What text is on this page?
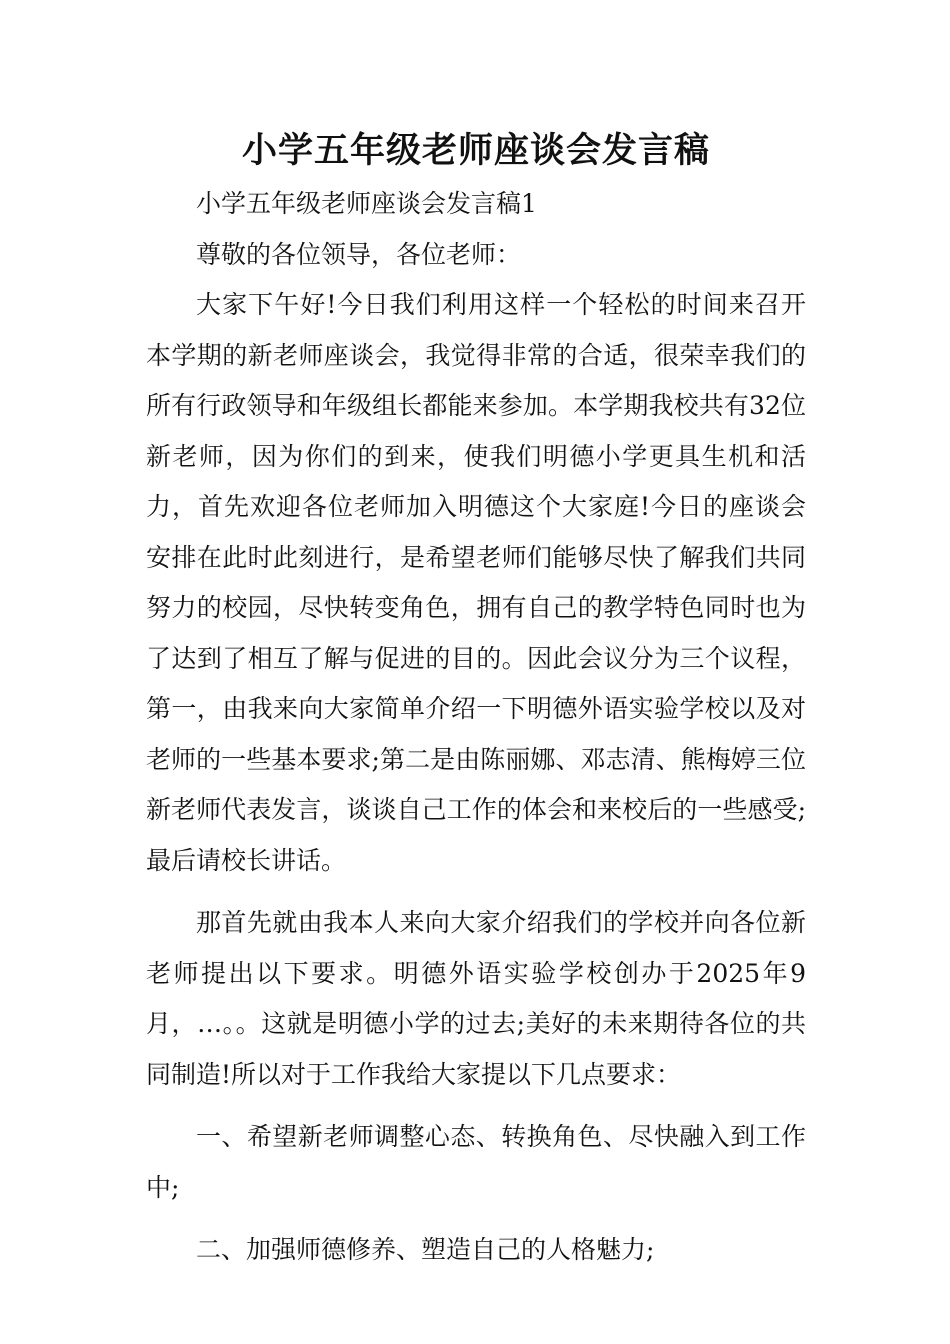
小学五年级老师座谈会发言稿

小学五年级老师座谈会发言稿1

尊敬的各位领导，各位老师：

大家下午好!今日我们利用这样一个轻松的时间来召开本学期的新老师座谈会，我觉得非常的合适，很荣幸我们的所有行政领导和年级组长都能来参加。本学期我校共有32位新老师，因为你们的到来，使我们明德小学更具生机和活力，首先欢迎各位老师加入明德这个大家庭!今日的座谈会安排在此时此刻进行，是希望老师们能够尽快了解我们共同努力的校园，尽快转变角色，拥有自己的教学特色同时也为了达到了相互了解与促进的目的。因此会议分为三个议程，第一，由我来向大家简单介绍一下明德外语实验学校以及对老师的一些基本要求;第二是由陈丽娜、邓志清、熊梅婷三位新老师代表发言，谈谈自己工作的体会和来校后的一些感受;最后请校长讲话。

那首先就由我本人来向大家介绍我们的学校并向各位新老师提出以下要求。明德外语实验学校创办于2025年9月，…。。这就是明德小学的过去;美好的未来期待各位的共同制造!所以对于工作我给大家提以下几点要求：

一、希望新老师调整心态、转换角色、尽快融入到工作中;

二、加强师德修养、塑造自己的人格魅力;
